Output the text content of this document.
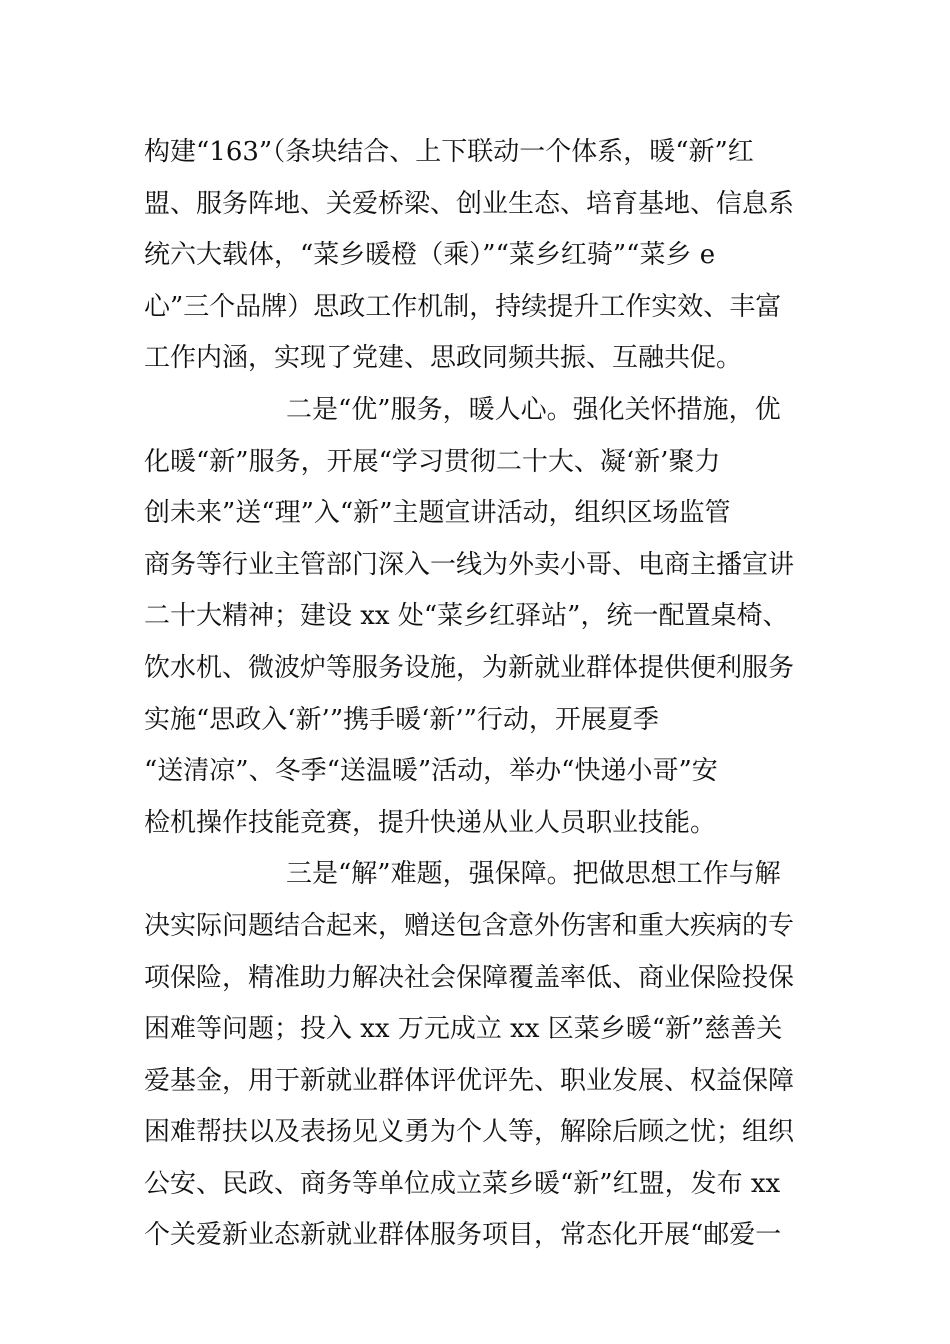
构建“163”（条块结合、上下联动一个体系，暖“新”红
盟、服务阵地、关爱桥梁、创业生态、培育基地、信息系
统六大载体，“菜乡暖橙（乘）”“菜乡红骑”“菜乡 e
心”三个品牌）思政工作机制，持续提升工作实效、丰富
工作内涵，实现了党建、思政同频共振、互融共促。
二是“优”服务，暖人心。强化关怀措施，优
化暖“新”服务，开展“学习贯彻二十大、凝‘新’聚力
创未来”送“理”入“新”主题宣讲活动，组织区场监管
商务等行业主管部门深入一线为外卖小哥、电商主播宣讲
二十大精神；建设 xx 处“菜乡红驿站”，统一配置桌椅、
饮水机、微波炉等服务设施，为新就业群体提供便利服务
实施“思政入‘新’”携手暖‘新’”行动，开展夏季
“送清凉”、冬季“送温暖”活动，举办“快递小哥”安
检机操作技能竞赛，提升快递从业人员职业技能。
三是“解”难题，强保障。把做思想工作与解
决实际问题结合起来，赠送包含意外伤害和重大疾病的专
项保险，精准助力解决社会保障覆盖率低、商业保险投保
困难等问题；投入 xx 万元成立 xx 区菜乡暖“新”慈善关
爱基金，用于新就业群体评优评先、职业发展、权益保障
困难帮扶以及表扬见义勇为个人等，解除后顾之忧；组织
公安、民政、商务等单位成立菜乡暖“新”红盟，发布 xx
个关爱新业态新就业群体服务项目，常态化开展“邮爱一
